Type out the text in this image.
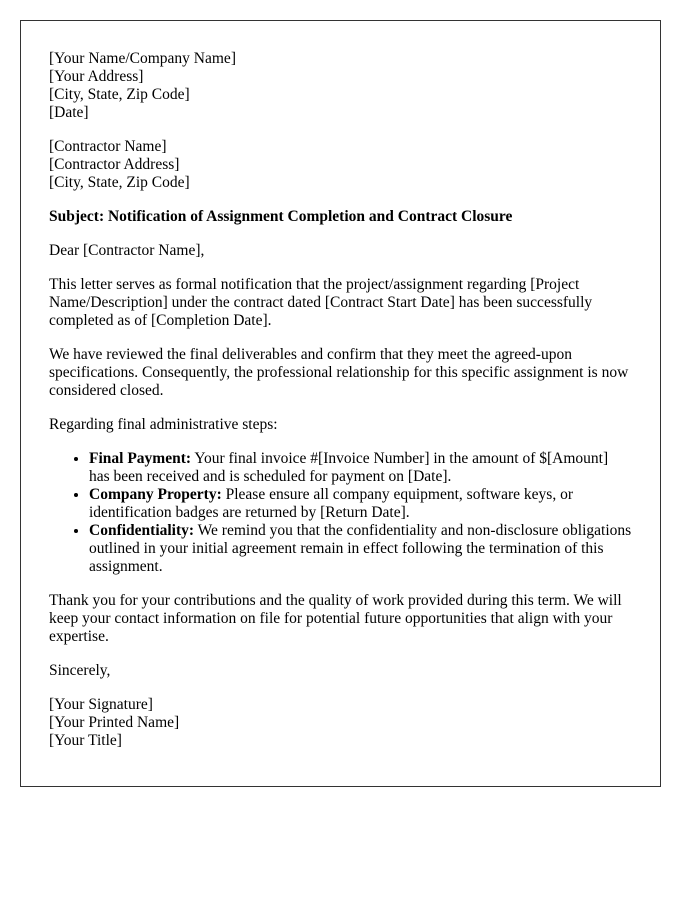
[Your Name/Company Name]
[Your Address]
[City, State, Zip Code]
[Date]
[Contractor Name]
[Contractor Address]
[City, State, Zip Code]

Subject: Notification of Assignment Completion and Contract Closure

Dear [Contractor Name],

This letter serves as formal notification that the project/assignment regarding [Project Name/Description] under the contract dated [Contract Start Date] has been successfully completed as of [Completion Date].

We have reviewed the final deliverables and confirm that they meet the agreed-upon specifications. Consequently, the professional relationship for this specific assignment is now considered closed.

Regarding final administrative steps:

• Final Payment: Your final invoice #[Invoice Number] in the amount of $[Amount] has been received and is scheduled for payment on [Date].
• Company Property: Please ensure all company equipment, software keys, or identification badges are returned by [Return Date].
• Confidentiality: We remind you that the confidentiality and non-disclosure obligations outlined in your initial agreement remain in effect following the termination of this assignment.

Thank you for your contributions and the quality of work provided during this term. We will keep your contact information on file for potential future opportunities that align with your expertise.

Sincerely,

[Your Signature]
[Your Printed Name]
[Your Title]
